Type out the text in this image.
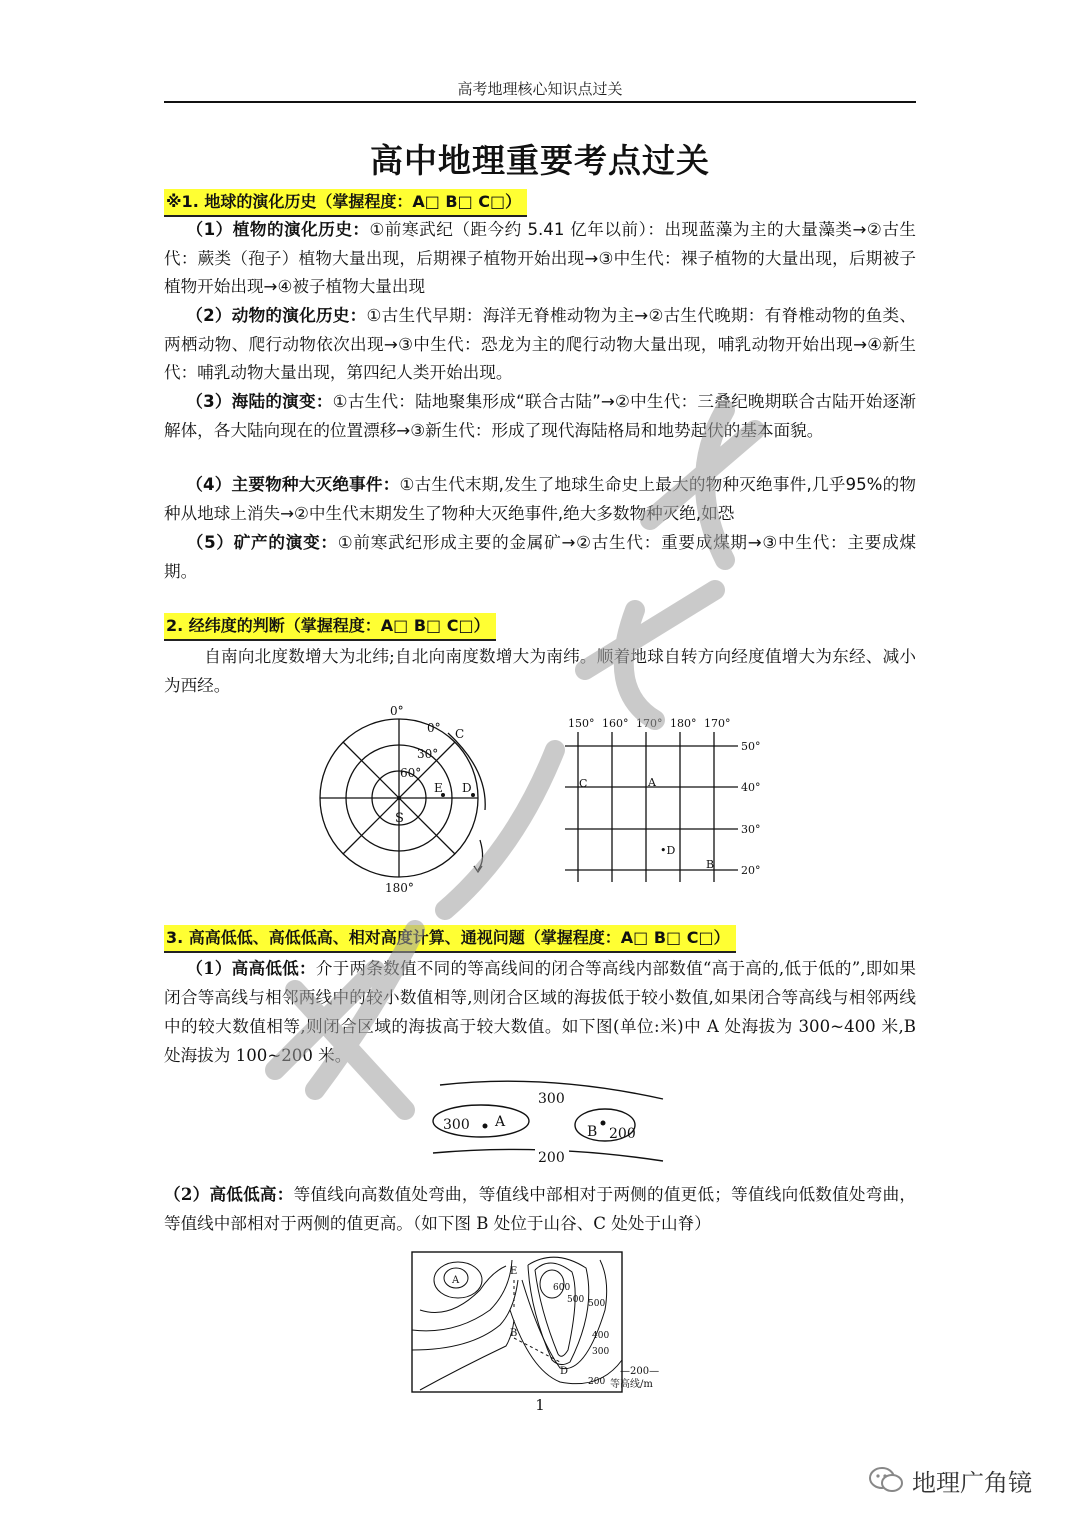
高考地理核心知识点过关
高中地理重要考点过关
※1. 地球的演化历史（掌握程度：A□ B□ C□）

（1）植物的演化历史：①前寒武纪（距今约 5.41 亿年以前）：出现蓝藻为主的大量藻类→②古生代：蕨类（孢子）植物大量出现，后期裸子植物开始出现→③中生代：裸子植物的大量出现，后期被子植物开始出现→④被子植物大量出现

（2）动物的演化历史：①古生代早期：海洋无脊椎动物为主→②古生代晚期：有脊椎动物的鱼类、两栖动物、爬行动物依次出现→③中生代：恐龙为主的爬行动物大量出现，哺乳动物开始出现→④新生代：哺乳动物大量出现，第四纪人类开始出现。

（3）海陆的演变：①古生代：陆地聚集形成“联合古陆”→②中生代：三叠纪晚期联合古陆开始逐渐解体，各大陆向现在的位置漂移→③新生代：形成了现代海陆格局和地势起伏的基本面貌。

（4）主要物种大灭绝事件：①古生代末期,发生了地球生命史上最大的物种灭绝事件,几乎95%的物种从地球上消失→②中生代末期发生了物种大灭绝事件,绝大多数物种灭绝,如恐

（5）矿产的演变：①前寒武纪形成主要的金属矿→②古生代：重要成煤期→③中生代：主要成煤期。

2. 经纬度的判断（掌握程度：A□ B□ C□）

自南向北度数增大为北纬;自北向南度数增大为南纬。顺着地球自转方向经度值增大为东经、减小为西经。

0°
0° C
30°
60°
E D
S
180°
150° 160° 170° 180° 170°
50°
40°
30°
20°
C	A
•D
B
3. 高高低低、高低低高、相对高度计算、通视问题（掌握程度：A□ B□ C□）

（1）高高低低：介于两条数值不同的等高线间的闭合等高线内部数值“高于高的,低于低的”,即如果闭合等高线与相邻两线中的较小数值相等,则闭合区域的海拔低于较小数值,如果闭合等高线与相邻两线中的较大数值相等,则闭合区域的海拔高于较大数值。如下图(单位:米)中 A 处海拔为 300~400 米,B 处海拔为 100~200 米。

300
200
300 A
B 200

（2）高低低高：等值线向高数值处弯曲，等值线中部相对于两侧的值更低；等值线向低数值处弯曲，等值线中部相对于两侧的值更高。（如下图 B 处位于山谷、C 处处于山脊）

A
E
B
D
600
500 500
400
300
200
—200—
等高线/m
1
地理广角镜
